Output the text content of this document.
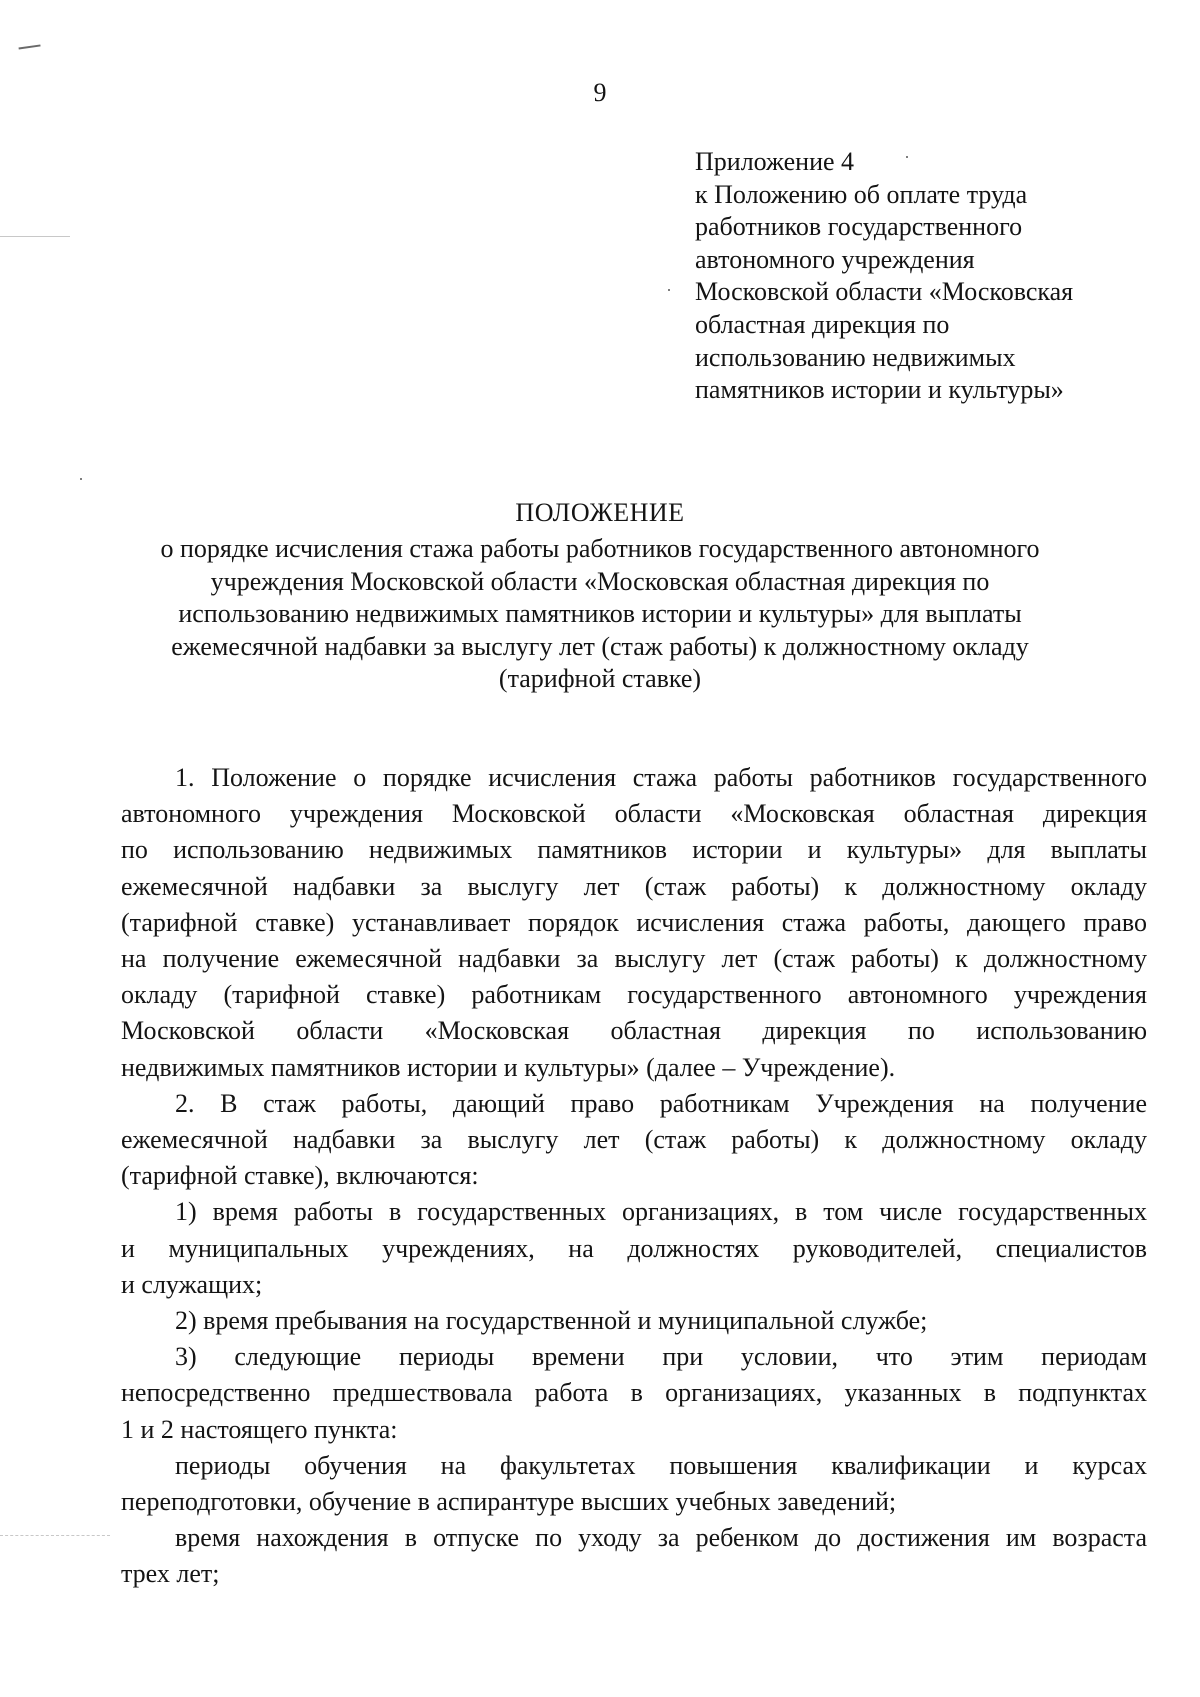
9
Приложение 4
к Положению об оплате труда
работников государственного
автономного учреждения
Московской области «Московская
областная дирекция по
использованию недвижимых
памятников истории и культуры»
ПОЛОЖЕНИЕ
о порядке исчисления стажа работы работников государственного автономного
учреждения Московской области «Московская областная дирекция по
использованию недвижимых памятников истории и культуры» для выплаты
ежемесячной надбавки за выслугу лет (стаж работы) к должностному окладу
(тарифной ставке)
1. Положение о порядке исчисления стажа работы работников государственного
автономного учреждения Московской области «Московская областная дирекция
по использованию недвижимых памятников истории и культуры» для выплаты
ежемесячной надбавки за выслугу лет (стаж работы) к должностному окладу
(тарифной ставке) устанавливает порядок исчисления стажа работы, дающего право
на получение ежемесячной надбавки за выслугу лет (стаж работы) к должностному
окладу (тарифной ставке) работникам государственного автономного учреждения
Московской области «Московская областная дирекция по использованию
недвижимых памятников истории и культуры» (далее – Учреждение).
2. В стаж работы, дающий право работникам Учреждения на получение
ежемесячной надбавки за выслугу лет (стаж работы) к должностному окладу
(тарифной ставке), включаются:
1) время работы в государственных организациях, в том числе государственных
и муниципальных учреждениях, на должностях руководителей, специалистов
и служащих;
2) время пребывания на государственной и муниципальной службе;
3) следующие периоды времени при условии, что этим периодам
непосредственно предшествовала работа в организациях, указанных в подпунктах
1 и 2 настоящего пункта:
периоды обучения на факультетах повышения квалификации и курсах
переподготовки, обучение в аспирантуре высших учебных заведений;
время нахождения в отпуске по уходу за ребенком до достижения им возраста
трех лет;
